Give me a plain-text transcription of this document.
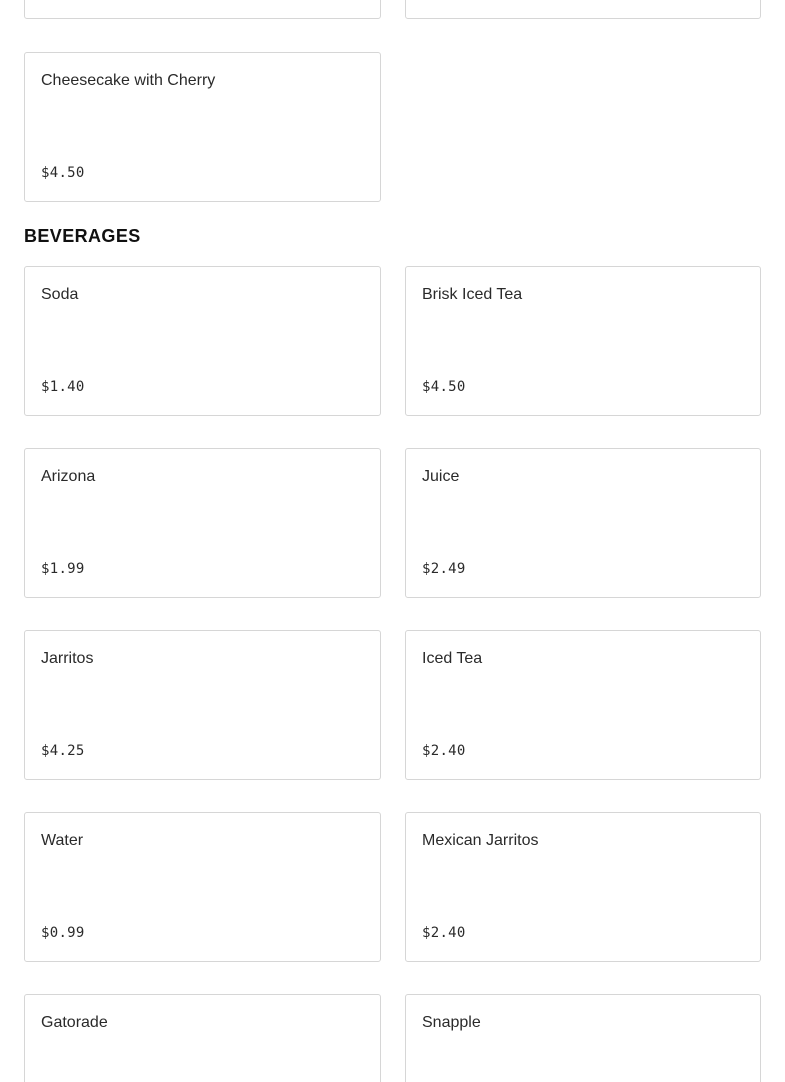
Cheesecake with Cherry
$4.50
BEVERAGES
Soda
$1.40
Brisk Iced Tea
$4.50
Arizona
$1.99
Juice
$2.49
Jarritos
$4.25
Iced Tea
$2.40
Water
$0.99
Mexican Jarritos
$2.40
Gatorade	Snapple
